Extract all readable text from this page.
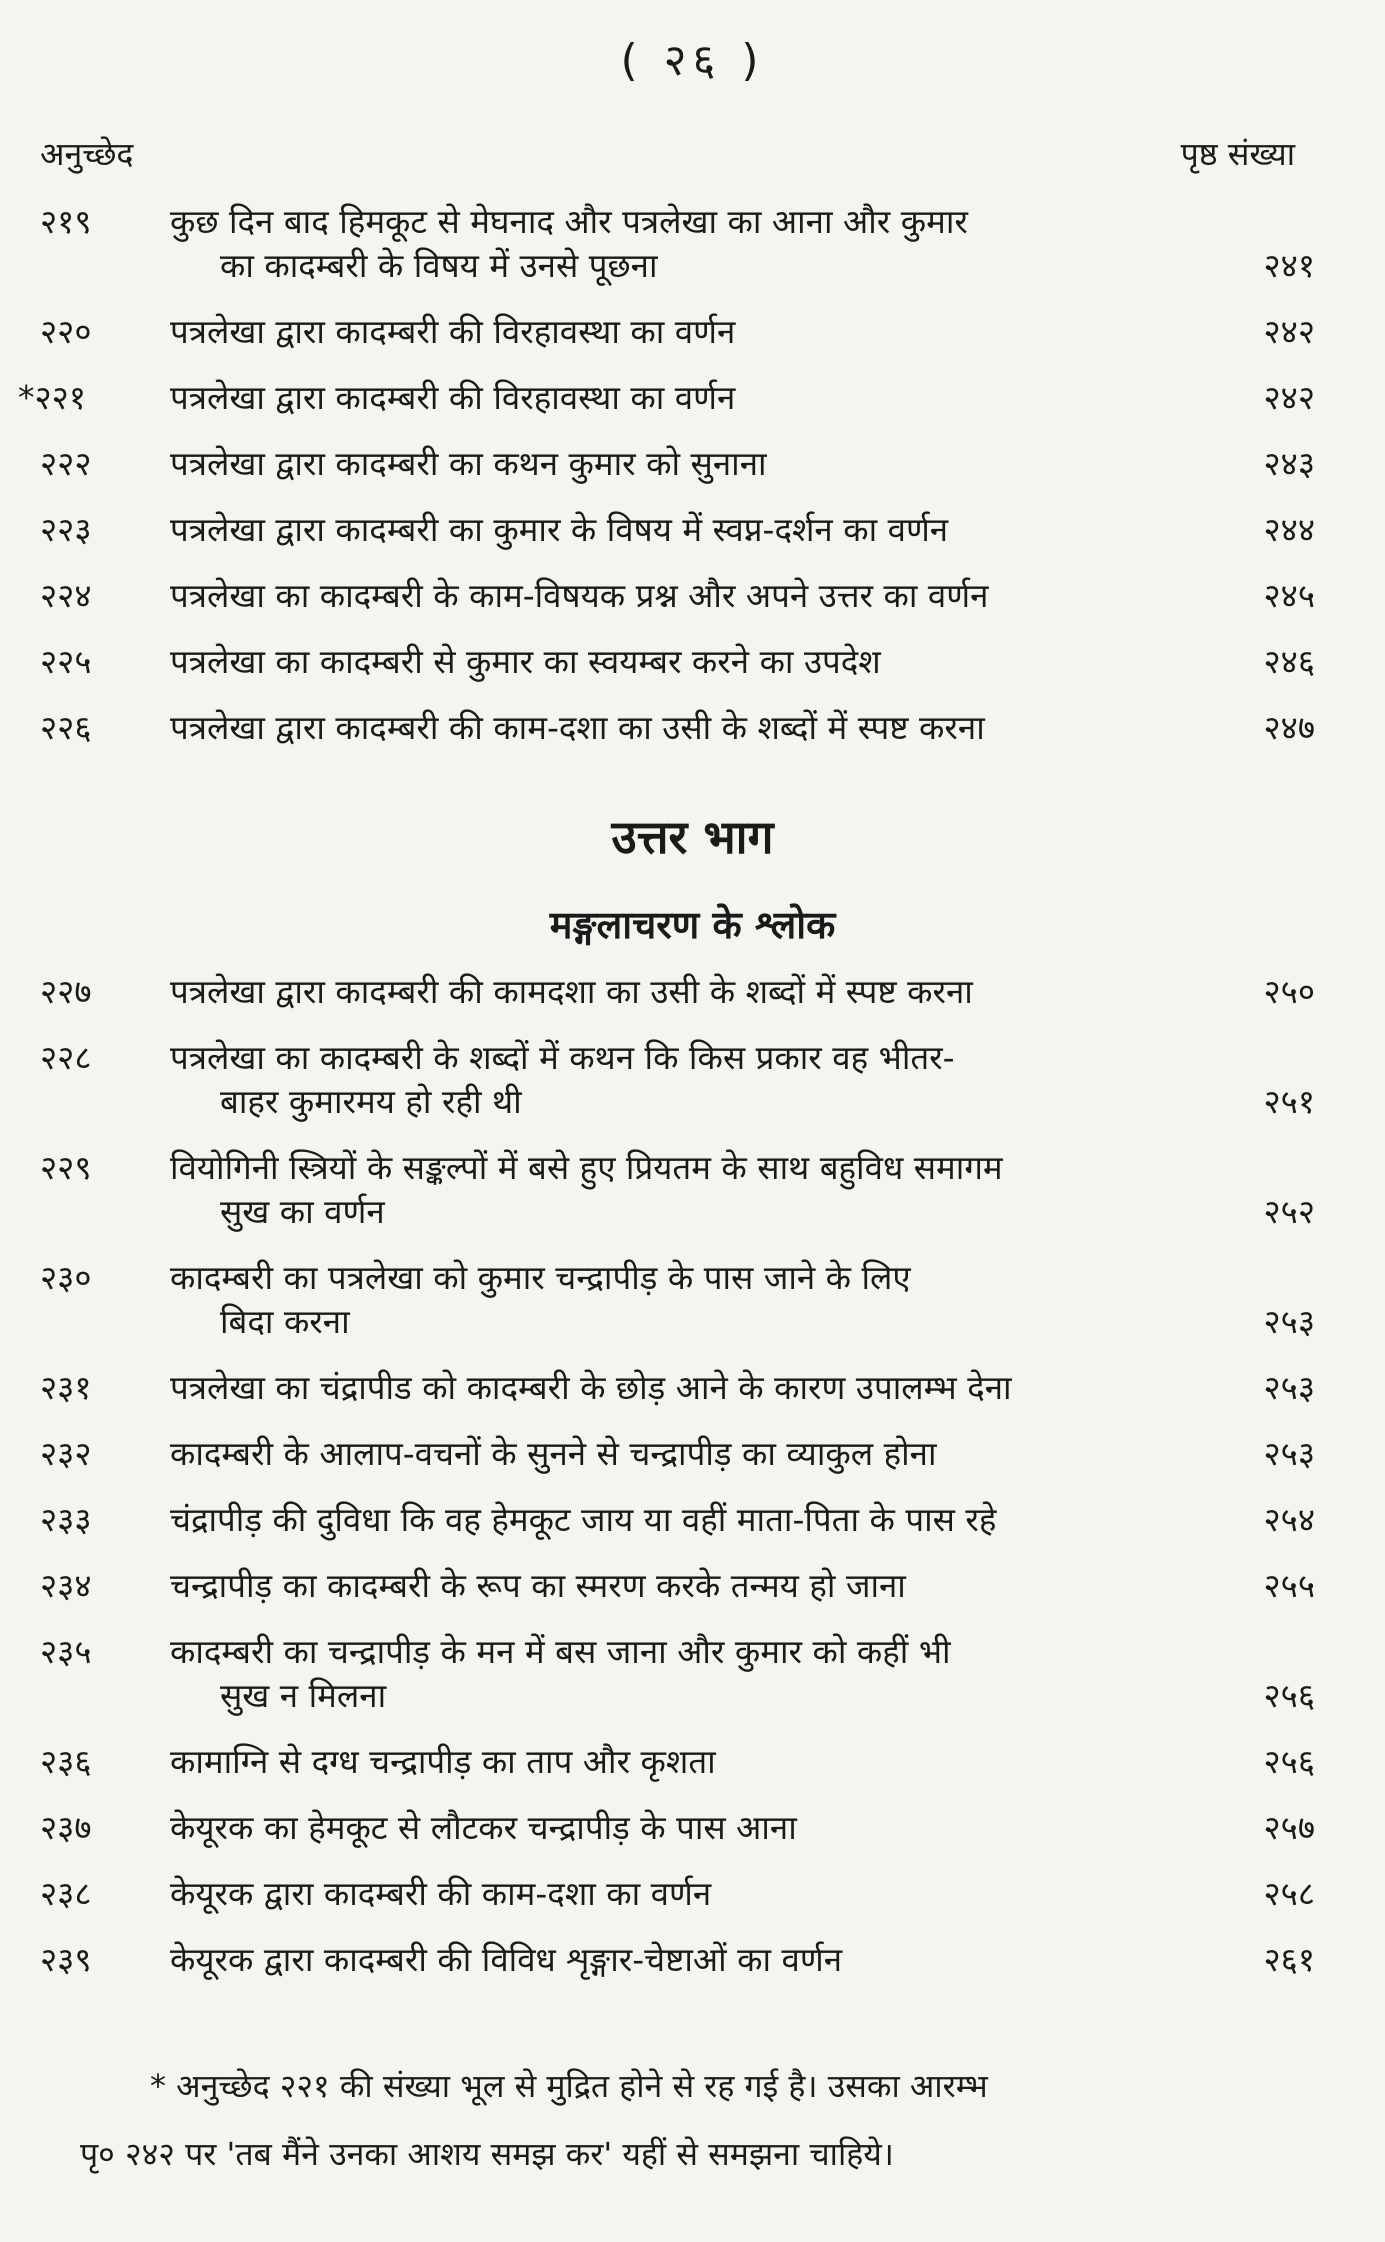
( २६ )
अनुच्छेद	पृष्ठ संख्या
२१९	कुछ दिन बाद हिमकूट से मेघनाद और पत्रलेखा का आना और कुमार
का कादम्बरी के विषय में उनसे पूछना	२४१
२२०	पत्रलेखा द्वारा कादम्बरी की विरहावस्था का वर्णन	२४२
*२२१	पत्रलेखा द्वारा कादम्बरी की विरहावस्था का वर्णन	२४२
२२२	पत्रलेखा द्वारा कादम्बरी का कथन कुमार को सुनाना	२४३
२२३	पत्रलेखा द्वारा कादम्बरी का कुमार के विषय में स्वप्न-दर्शन का वर्णन	२४४
२२४	पत्रलेखा का कादम्बरी के काम-विषयक प्रश्न और अपने उत्तर का वर्णन	२४५
२२५	पत्रलेखा का कादम्बरी से कुमार का स्वयम्बर करने का उपदेश	२४६
२२६	पत्रलेखा द्वारा कादम्बरी की काम-दशा का उसी के शब्दों में स्पष्ट करना	२४७
उत्तर भाग
मङ्गलाचरण के श्लोक
२२७	पत्रलेखा द्वारा कादम्बरी की कामदशा का उसी के शब्दों में स्पष्ट करना	२५०
२२८	पत्रलेखा का कादम्बरी के शब्दों में कथन कि किस प्रकार वह भीतर-
बाहर कुमारमय हो रही थी	२५१
२२९	वियोगिनी स्त्रियों के सङ्कल्पों में बसे हुए प्रियतम के साथ बहुविध समागम
सुख का वर्णन	२५२
२३०	कादम्बरी का पत्रलेखा को कुमार चन्द्रापीड़ के पास जाने के लिए
बिदा करना	२५३
२३१	पत्रलेखा का चंद्रापीड को कादम्बरी के छोड़ आने के कारण उपालम्भ देना	२५३
२३२	कादम्बरी के आलाप-वचनों के सुनने से चन्द्रापीड़ का व्याकुल होना	२५३
२३३	चंद्रापीड़ की दुविधा कि वह हेमकूट जाय या वहीं माता-पिता के पास रहे	२५४
२३४	चन्द्रापीड़ का कादम्बरी के रूप का स्मरण करके तन्मय हो जाना	२५५
२३५	कादम्बरी का चन्द्रापीड़ के मन में बस जाना और कुमार को कहीं भी
सुख न मिलना	२५६
२३६	कामाग्नि से दग्ध चन्द्रापीड़ का ताप और कृशता	२५६
२३७	केयूरक का हेमकूट से लौटकर चन्द्रापीड़ के पास आना	२५७
२३८	केयूरक द्वारा कादम्बरी की काम-दशा का वर्णन	२५८
२३९	केयूरक द्वारा कादम्बरी की विविध शृङ्गार-चेष्टाओं का वर्णन	२६१
* अनुच्छेद २२१ की संख्या भूल से मुद्रित होने से रह गई है। उसका आरम्भ
पृ० २४२ पर 'तब मैंने उनका आशय समझ कर' यहीं से समझना चाहिये।
